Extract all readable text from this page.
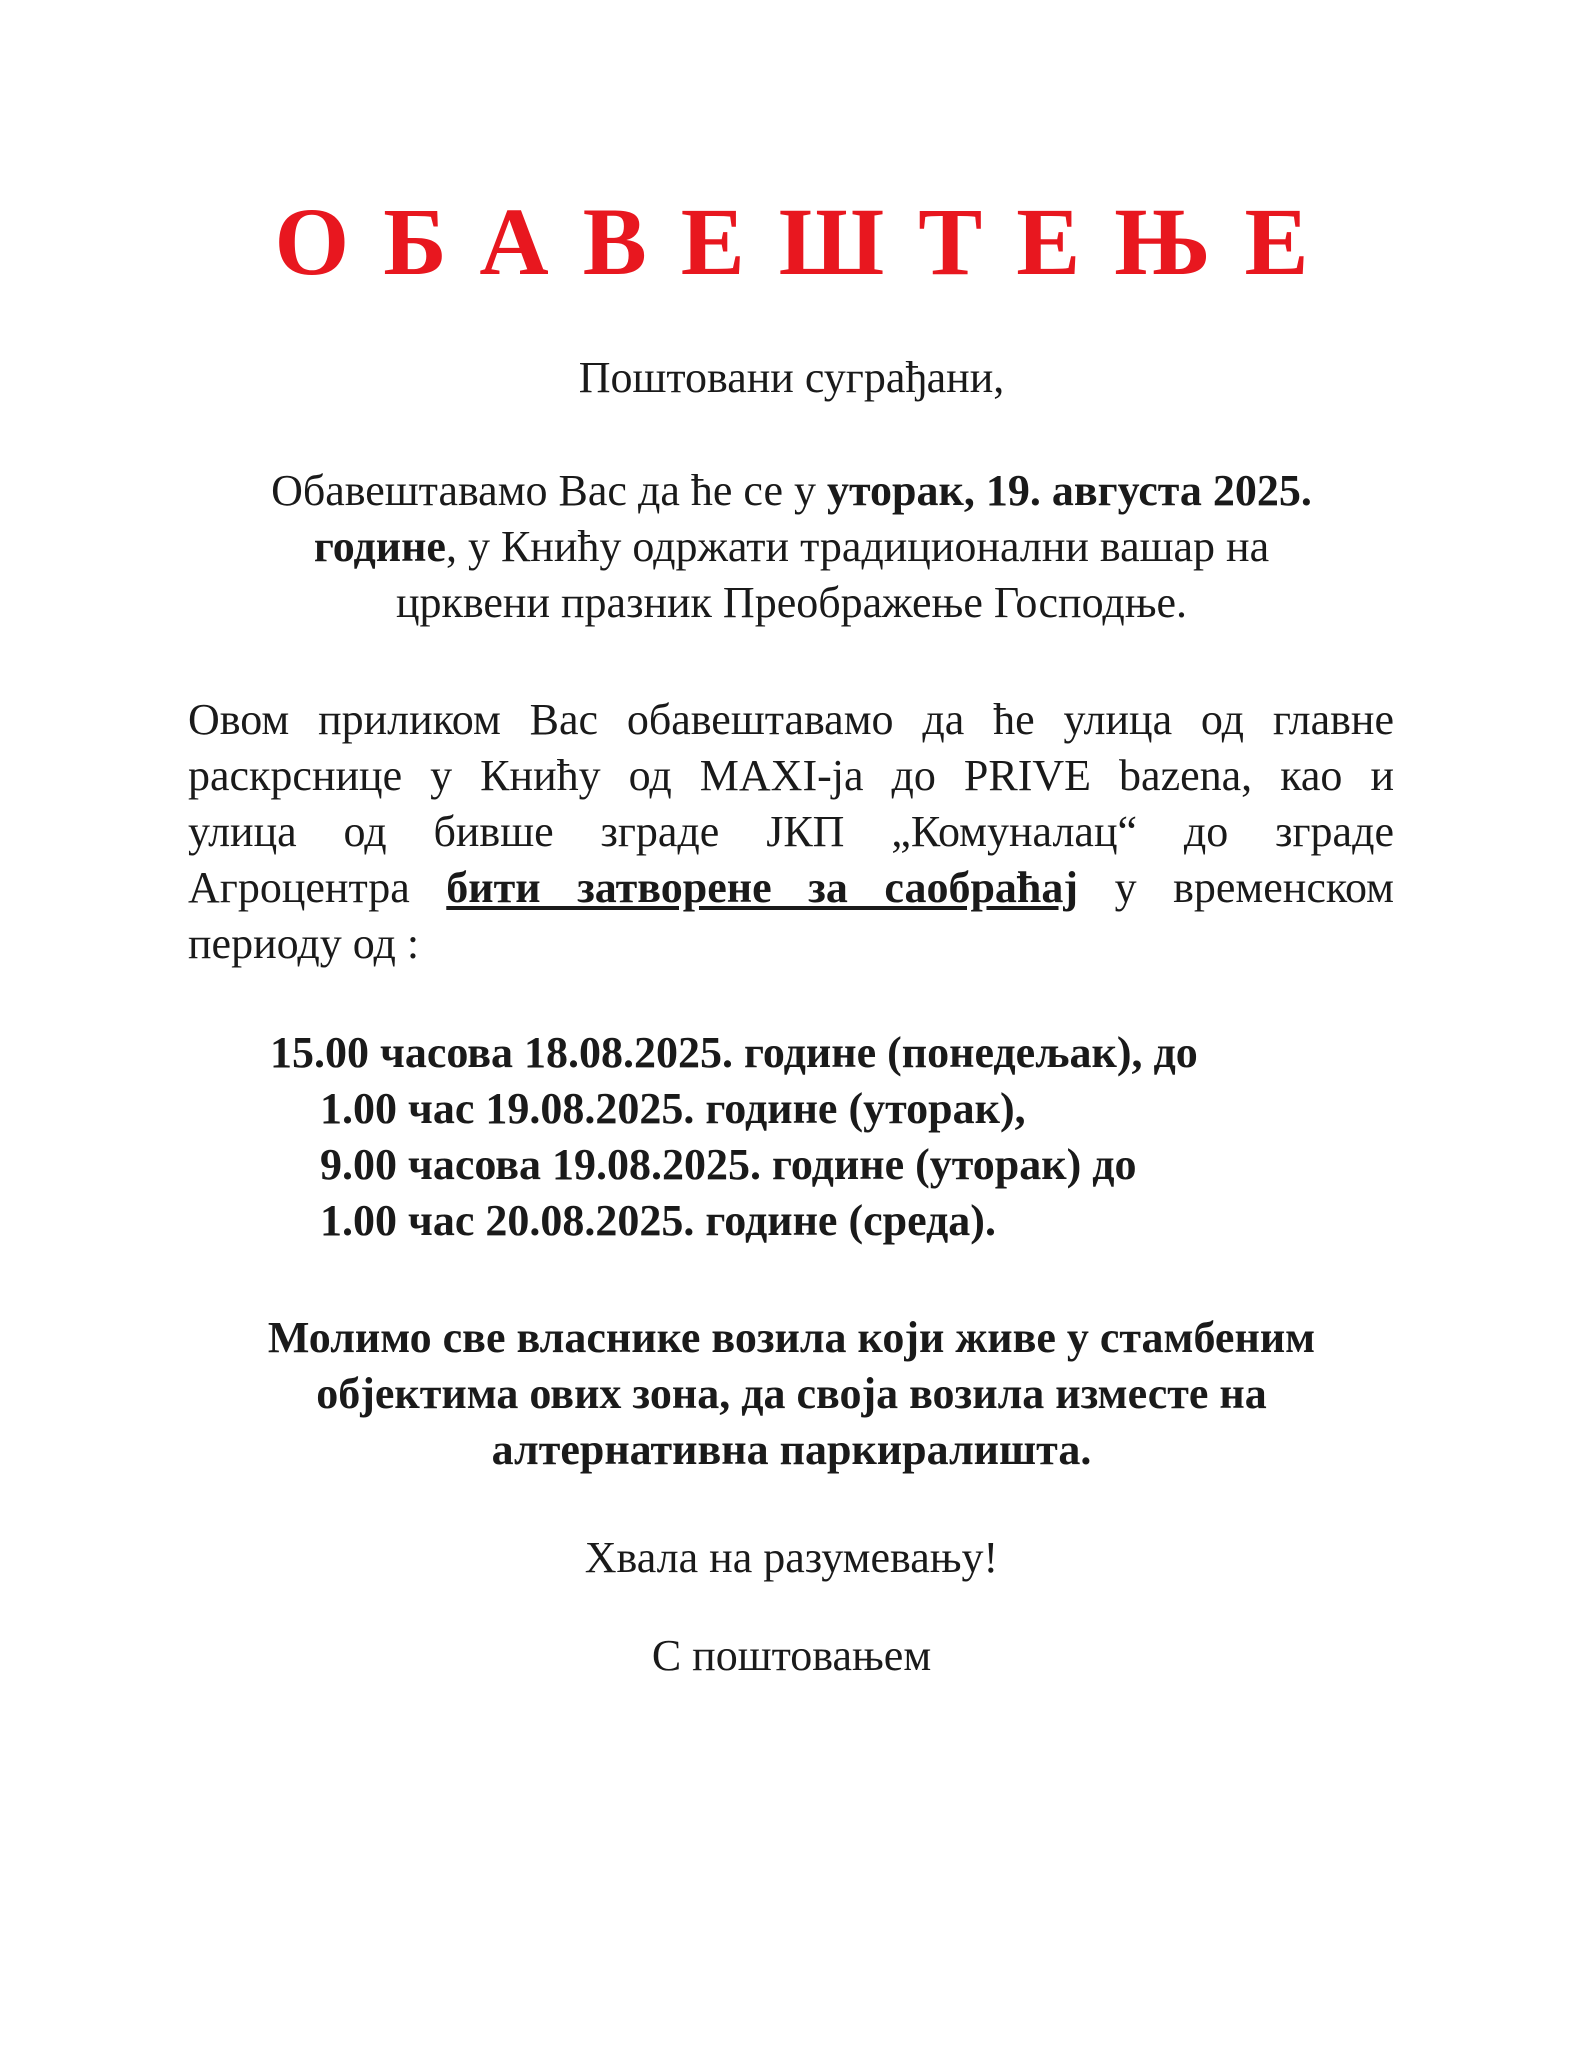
ОБАВЕШТЕЊЕ

Поштовани суграђани,

Обавештавамо Вас да ће се у уторак, 19. августа 2025.
године, у Книћу одржати традиционални вашар на
црквени празник Преображење Господње.

Овом приликом Вас обавештавамо да ће улица од главне
раскрснице у Книћу од MAXI-ја до PRIVE bazena, као и
улица од бивше зграде ЈКП „Комуналац“ до зграде
Агроцентра бити затворене за саобраћај у временском
периоду од :
15.00 часова 18.08.2025. године (понедељак), до
1.00 час 19.08.2025. године (уторак),
9.00 часова 19.08.2025. године (уторак) до
1.00 час 20.08.2025. године (среда).

Молимо све власнике возила који живе у стамбеним
објектима ових зона, да своја возила изместе на
алтернативна паркиралишта.

Хвала на разумевању!

С поштовањем
